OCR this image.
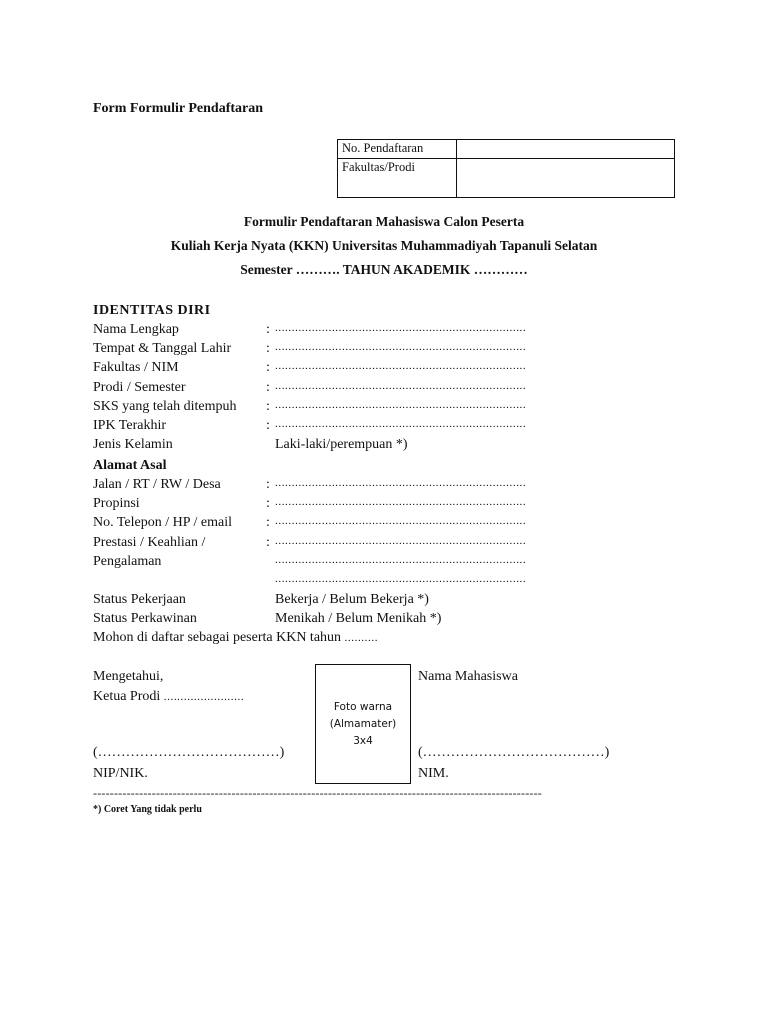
Form Formulir Pendaftaran
No. Pendaftaran	
Fakultas/Prodi	
Formulir Pendaftaran Mahasiswa Calon Peserta
Kuliah Kerja Nyata (KKN) Universitas Muhammadiyah Tapanuli Selatan
Semester ………. TAHUN AKADEMIK …………
IDENTITAS DIRI
Nama Lengkap	: ...........................................................................
Tempat & Tanggal Lahir : ...........................................................................
Fakultas / NIM	: ...........................................................................
Prodi / Semester	: ...........................................................................
SKS yang telah ditempuh : ...........................................................................
IPK Terakhir	: ...........................................................................
Jenis Kelamin	Laki-laki/perempuan *)
Alamat Asal
Jalan / RT / RW / Desa	: ...........................................................................
Propinsi	: ...........................................................................
No. Telepon / HP / email : ...........................................................................
Prestasi / Keahlian /	: ...........................................................................
Pengalaman	...........................................................................
...........................................................................
Status Pekerjaan	Bekerja / Belum Bekerja *)
Status Perkawinan	Menikah / Belum Menikah *)
Mohon di daftar sebagai peserta KKN tahun ..........
Mengetahui,
Ketua Prodi ........................
(…………………………………)
NIP/NIK.
Foto warna
(Almamater)
3x4
Nama Mahasiswa
(…………………………………)
NIM.
-----------------------------------------------------------------------------------------------------------
*) Coret Yang tidak perlu
